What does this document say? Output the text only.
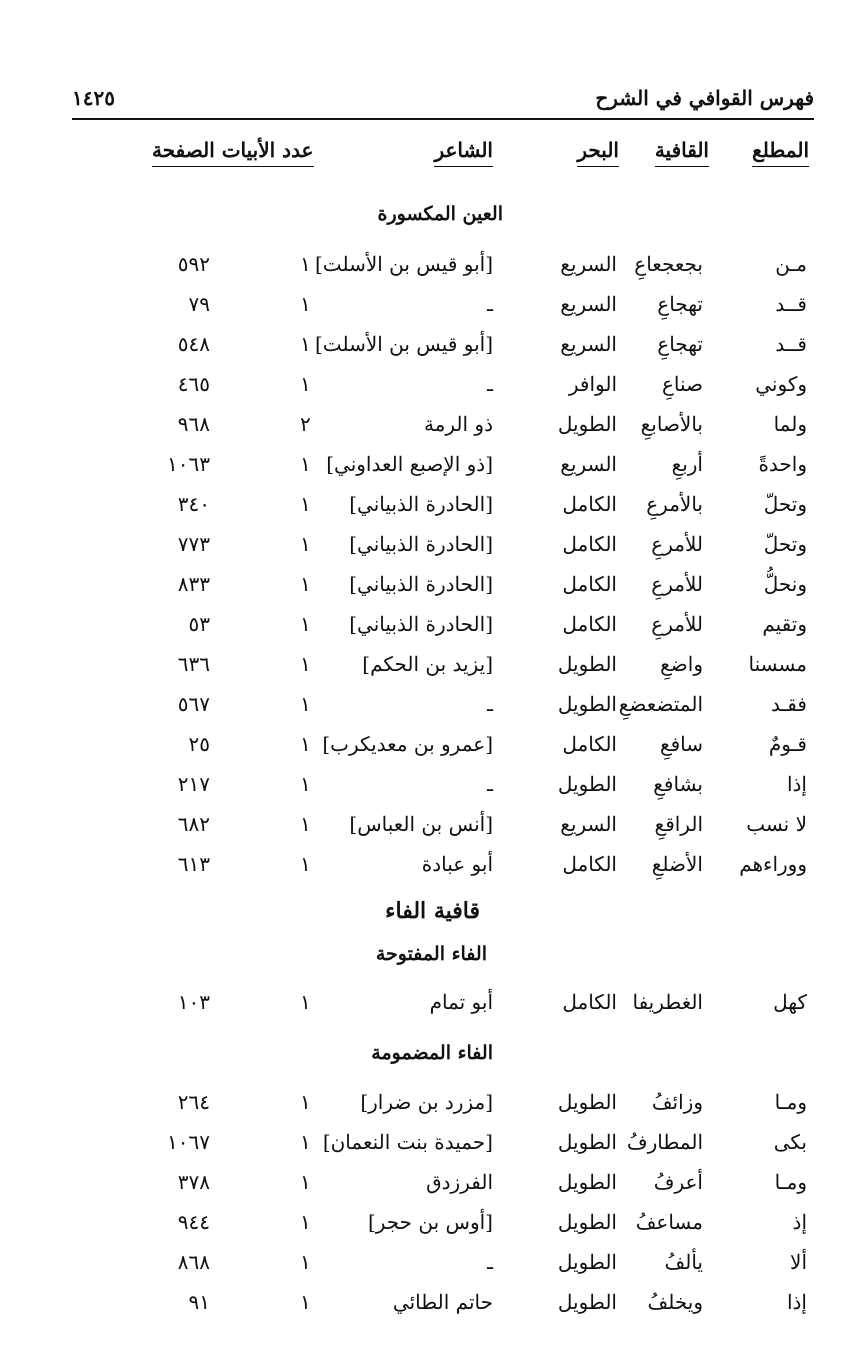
فهرس القوافي في الشرح
١٤٢٥
المطلع
القافية
البحر
الشاعر
عدد الأبيات الصفحة
العين المكسورة
قافية الفاء
الفاء المفتوحة
الفاء المضمومة
مـن
بجعجعاعِ
السريع
[أبو قيس بن الأسلت]
١
٥٩٢
قــد
تهجاعِ
السريع
ـ
١
٧٩
قــد
تهجاعِ
السريع
[أبو قيس بن الأسلت]
١
٥٤٨
وكوني
صناعِ
الوافر
ـ
١
٤٦٥
ولما
بالأصابعِ
الطويل
ذو الرمة
٢
٩٦٨
واحدةً
أربعِ
السريع
[ذو الإصبع العداوني]
١
١٠٦٣
وتحلّ
بالأمرعِ
الكامل
[الحادرة الذبياني]
١
٣٤٠
وتحلّ
للأمرعِ
الكامل
[الحادرة الذبياني]
١
٧٧٣
ونحلُّ
للأمرعِ
الكامل
[الحادرة الذبياني]
١
٨٣٣
وتقيم
للأمرعِ
الكامل
[الحادرة الذبياني]
١
٥٣
مسسنا
واضعِ
الطويل
[يزيد بن الحكم]
١
٦٣٦
فقـد
المتضعضعِ
الطويل
ـ
١
٥٦٧
قـومٌ
سافعِ
الكامل
[عمرو بن معديكرب]
١
٢٥
إذا
بشافعِ
الطويل
ـ
١
٢١٧
لا نسب
الراقعِ
السريع
[أنس بن العباس]
١
٦٨٢
ووراءهم
الأضلعِ
الكامل
أبو عبادة
١
٦١٣
كهل
الغطريفا
الكامل
أبو تمام
١
١٠٣
ومـا
وزائفُ
الطويل
[مزرد بن ضرار]
١
٢٦٤
بكى
المطارفُ
الطويل
[حميدة بنت النعمان]
١
١٠٦٧
ومـا
أعرفُ
الطويل
الفرزدق
١
٣٧٨
إذ
مساعفُ
الطويل
[أوس بن حجر]
١
٩٤٤
ألا
يألفُ
الطويل
ـ
١
٨٦٨
إذا
ويخلفُ
الطويل
حاتم الطائي
١
٩١
